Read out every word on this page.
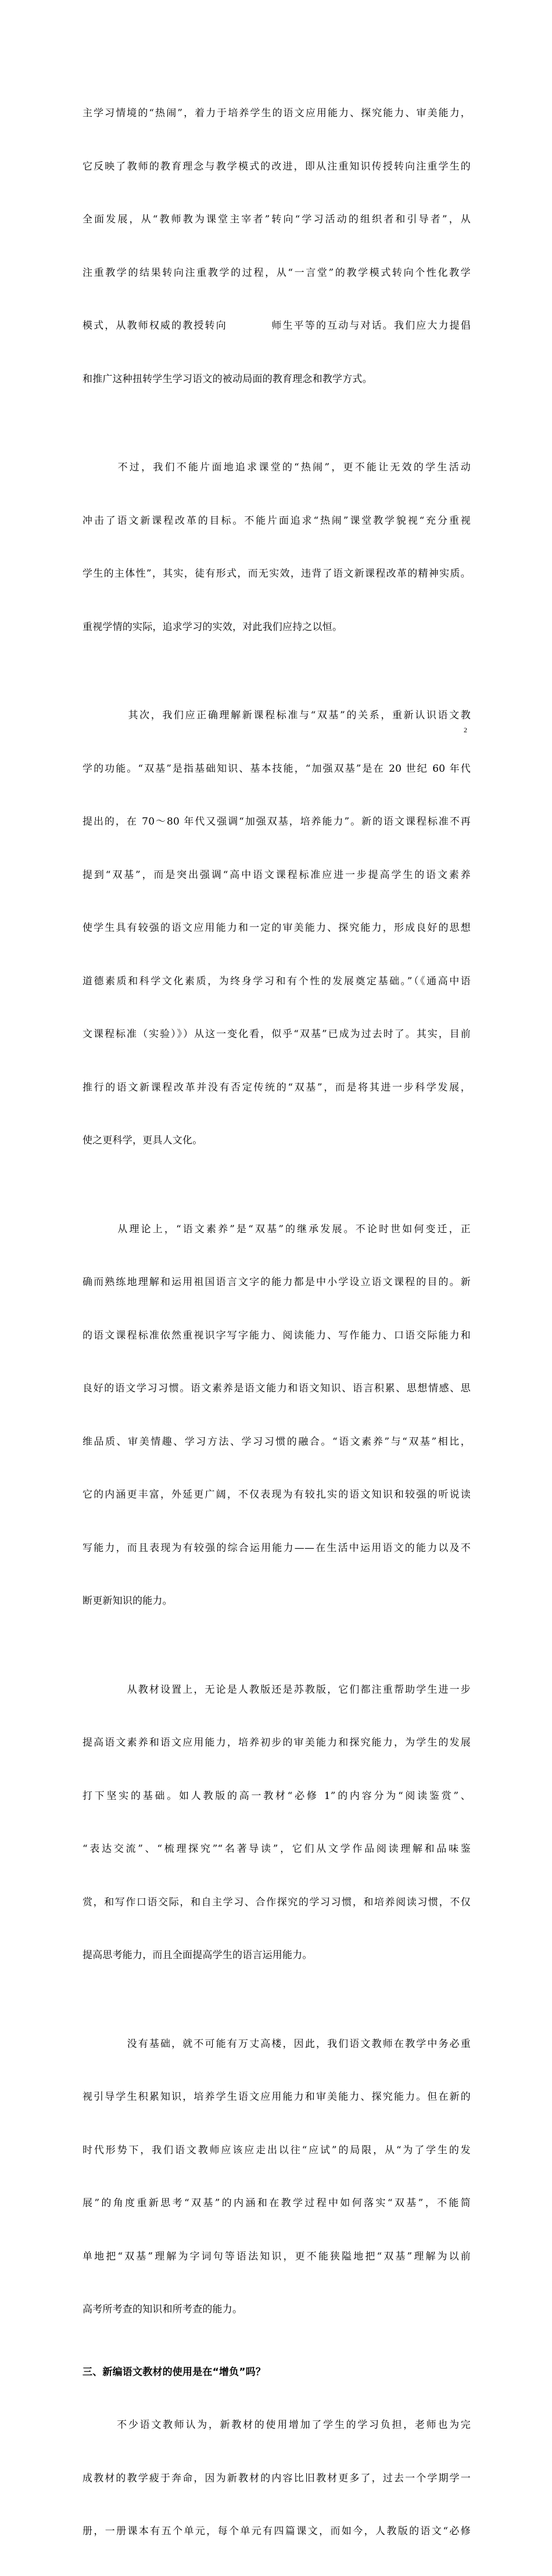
主学习情境的“热闹”，着力于培养学生的语文应用能力、探究能力、审美能力，

它反映了教师的教育理念与教学模式的改进，即从注重知识传授转向注重学生的

全面发展，从“教师教为课堂主宰者”转向“学习活动的组织者和引导者”，从

注重教学的结果转向注重教学的过程，从“一言堂”的教学模式转向个性化教学

模式，从教师权威的教授转向　　　　师生平等的互动与对话。我们应大力提倡

和推广这种扭转学生学习语文的被动局面的教育理念和教学方式。

　　　不过，我们不能片面地追求课堂的“热闹”，更不能让无效的学生活动

冲击了语文新课程改革的目标。不能片面追求“热闹”课堂教学貌视“充分重视

学生的主体性”，其实，徒有形式，而无实效，违背了语文新课程改革的精神实质。

重视学情的实际，追求学习的实效，对此我们应持之以恒。

　　　　其次，我们应正确理解新课程标准与“双基”的关系，重新认识语文教

学的功能。“双基”是指基础知识、基本技能，“加强双基”是在 20 世纪 60 年代

提出的，在 70～80 年代又强调“加强双基，培养能力”。新的语文课程标准不再

提到“双基”，而是突出强调“高中语文课程标准应进一步提高学生的语文素养

使学生具有较强的语文应用能力和一定的审美能力、探究能力，形成良好的思想

道德素质和科学文化素质，为终身学习和有个性的发展奠定基础。”（《通高中语

文课程标准（实验）》）从这一变化看，似乎“双基”已成为过去时了。其实，目前

推行的语文新课程改革并没有否定传统的“双基”，而是将其进一步科学发展，

使之更科学，更具人文化。

　　　从理论上，“语文素养”是“双基”的继承发展。不论时世如何变迁，正

确而熟练地理解和运用祖国语言文字的能力都是中小学设立语文课程的目的。新

的语文课程标准依然重视识字写字能力、阅读能力、写作能力、口语交际能力和

良好的语文学习习惯。语文素养是语文能力和语文知识、语言积累、思想情感、思

维品质、审美情趣、学习方法、学习习惯的融合。“语文素养”与“双基”相比，

它的内涵更丰富，外延更广阔，不仅表现为有较扎实的语文知识和较强的听说读

写能力，而且表现为有较强的综合运用能力——在生活中运用语文的能力以及不

断更新知识的能力。

　　　　从教材设置上，无论是人教版还是苏教版，它们都注重帮助学生进一步

提高语文素养和语文应用能力，培养初步的审美能力和探究能力，为学生的发展

打下坚实的基础。如人教版的高一教材“必修 1”的内容分为“阅读鉴赏”、

“表达交流”、“梳理探究”“名著导读”，它们从文学作品阅读理解和品味鉴

赏，和写作口语交际，和自主学习、合作探究的学习习惯，和培养阅读习惯，不仅

提高思考能力，而且全面提高学生的语言运用能力。

　　　　没有基础，就不可能有万丈高楼，因此，我们语文教师在教学中务必重

视引导学生积累知识，培养学生语文应用能力和审美能力、探究能力。但在新的

时代形势下，我们语文教师应该应走出以往“应试”的局限，从“为了学生的发

展”的角度重新思考“双基”的内涵和在教学过程中如何落实“双基”，不能简

单地把“双基”理解为字词句等语法知识，更不能狭隘地把“双基”理解为以前

高考所考查的知识和所考查的能力。

三、新编语文教材的使用是在“增负”吗？

　　　不少语文教师认为，新教材的使用增加了学生的学习负担，老师也为完

成教材的教学疲于奔命，因为新教材的内容比旧教材更多了，过去一个学期学一

册，一册课本有五个单元，每个单元有四篇课文，而如今，人教版的语文“必修

2
